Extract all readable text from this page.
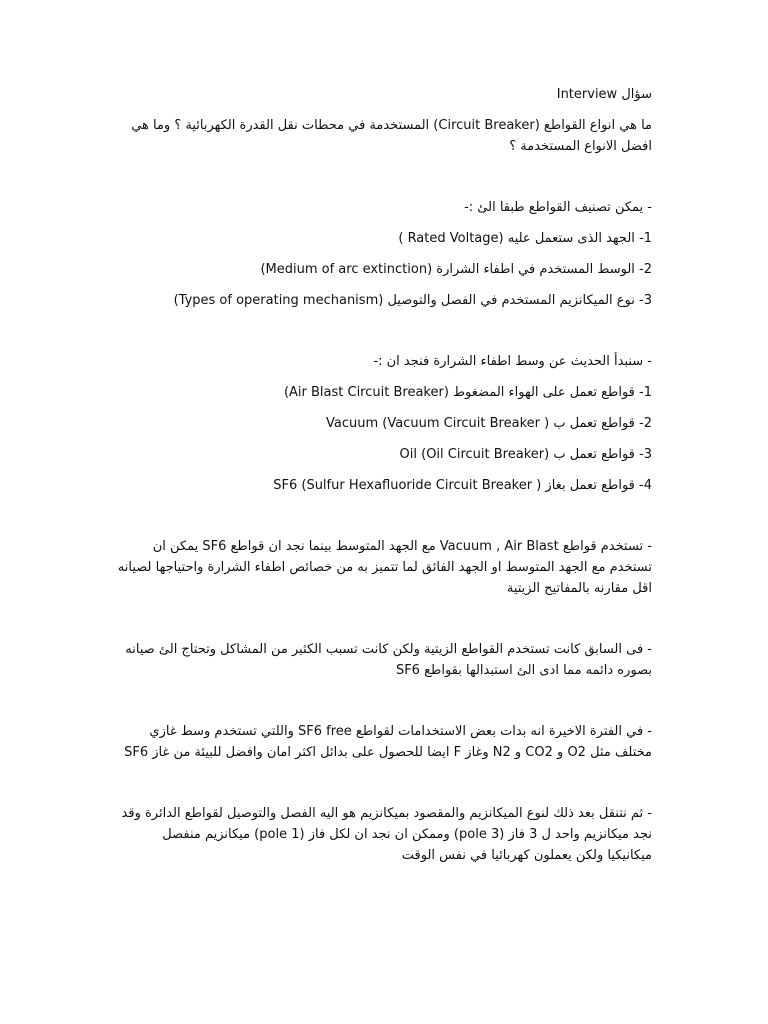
سؤال Interview

ما هي انواع القواطع (Circuit Breaker) المستخدمة في محطات نقل القدرة الكهربائية ؟ وما هي افضل الانواع المستخدمة ؟

- يمكن تصنيف القواطع طبقا الئ :-

1- الجهد الذى ستعمل عليه (Rated Voltage )

2- الوسط المستخدم في اطفاء الشرارة (Medium of arc extinction)

3- نوع الميكانزيم المستخدم في الفصل والتوصيل (Types of operating mechanism)

- سنبدأ الحديث عن وسط اطفاء الشرارة فنجد ان :-

1- قواطع تعمل على الهواء المضغوط (Air Blast Circuit Breaker)

2- قواطع تعمل ب Vacuum (Vacuum Circuit Breaker )

3- قواطع تعمل ب Oil (Oil Circuit Breaker)

4- قواطع تعمل بغاز SF6 (Sulfur Hexafluoride Circuit Breaker )

- تستخدم قواطع Vacuum , Air Blast مع الجهد المتوسط بينما نجد ان قواطع SF6 يمكن ان تستخدم مع الجهد المتوسط او الجهد الفائق لما تتميز به من خصائص اطفاء الشرارة واحتياجها لصيانه اقل مقارنه بالمفاتيح الزيتية

- فى السابق كانت تستخدم القواطع الزيتية ولكن كانت تسبب الكثير من المشاكل وتحتاج الئ صيانه بصوره دائمه مما ادى الئ استبدالها بقواطع SF6

- في الفترة الاخيرة انه بدات بعض الاستخدامات لقواطع SF6 free واللتي تستخدم وسط غازي مختلف مثل O2 و CO2 و N2 وغاز F ايضا للحصول على بدائل اكثر امان وافضل للبيئة من غاز SF6

- ثم نتنقل بعد ذلك لنوع الميكانزيم والمقصود بميكانزيم هو اليه الفصل والتوصيل لقواطع الدائرة وقد نجد ميكانزيم واحد ل 3 فاز (3 pole) وممكن ان نجد ان لكل فاز (1 pole) ميكانزيم منفصل ميكانيكيا ولكن يعملون كهربائيا في نفس الوقت
